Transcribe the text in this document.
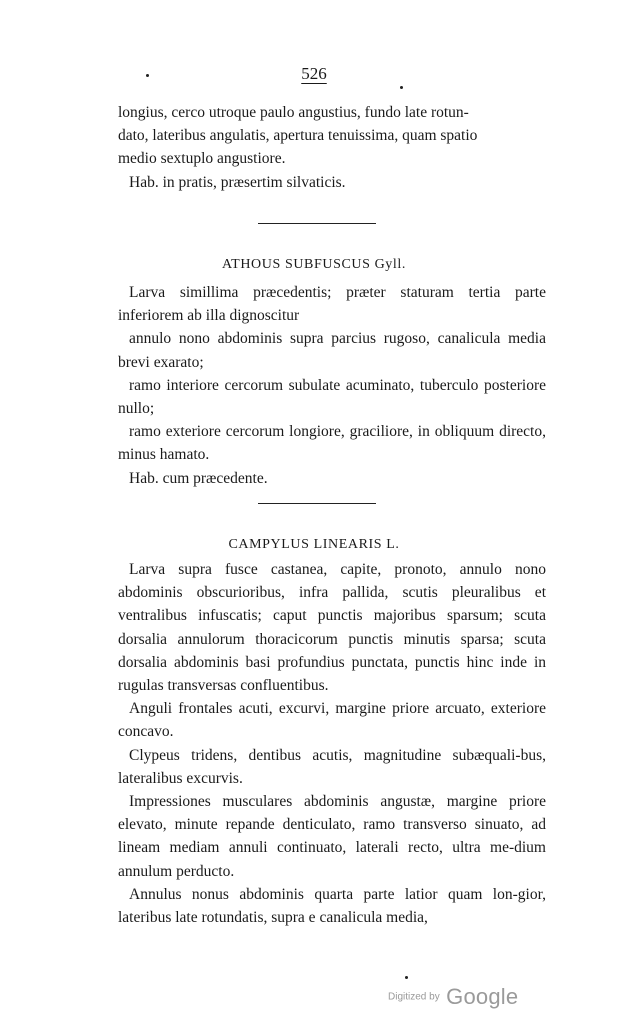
526

longius, cerco utroque paulo angustius, fundo late rotun-

dato, lateribus angulatis, apertura tenuissima, quam spatio

medio sextuplo angustiore.

Hab. in pratis, præsertim silvaticis.

ATHOUS SUBFUSCUS Gyll.

Larva simillima præcedentis; præter staturam tertia parte inferiorem ab illa dignoscitur

annulo nono abdominis supra parcius rugoso, canalicula media brevi exarato;

ramo interiore cercorum subulate acuminato, tuberculo posteriore nullo;

ramo exteriore cercorum longiore, graciliore, in obliquum directo, minus hamato.

Hab. cum præcedente.

CAMPYLUS LINEARIS L.

Larva supra fusce castanea, capite, pronoto, annulo nono abdominis obscurioribus, infra pallida, scutis pleuralibus et ventralibus infuscatis; caput punctis majoribus sparsum; scuta dorsalia annulorum thoracicorum punctis minutis sparsa; scuta dorsalia abdominis basi profundius punctata, punctis hinc inde in rugulas transversas confluentibus.

Anguli frontales acuti, excurvi, margine priore arcuato, exteriore concavo.

Clypeus tridens, dentibus acutis, magnitudine subæquali-bus, lateralibus excurvis.

Impressiones musculares abdominis angustæ, margine priore elevato, minute repande denticulato, ramo transverso sinuato, ad lineam mediam annuli continuato, laterali recto, ultra me-dium annulum perducto.

Annulus nonus abdominis quarta parte latior quam lon-gior, lateribus late rotundatis, supra e canalicula media,

Digitized by Google
